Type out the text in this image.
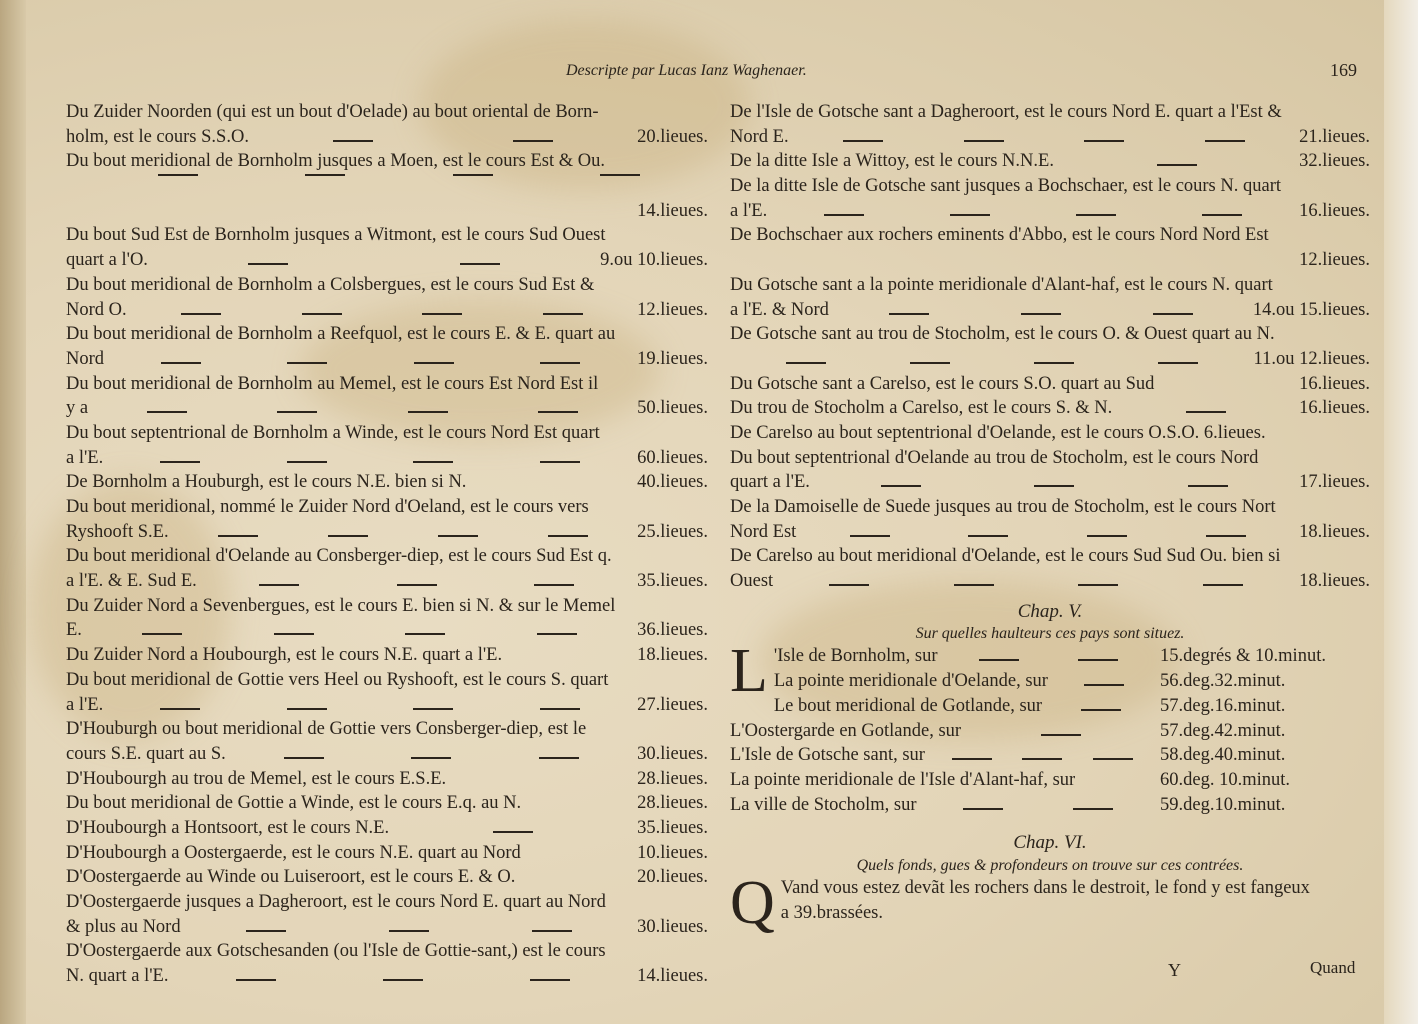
Descripte par Lucas Ianz Waghenaer.	169
Du Zuider Noorden (qui est un bout d'Oelade) au bout oriental de Born-
holm, est le cours S.S.O.	20.lieues.
Du bout meridional de Bornholm jusques a Moen, est le cours Est & Ou.
14.lieues.
Du bout Sud Est de Bornholm jusques a Witmont, est le cours Sud Ouest
quart a l'O.	9.ou 10.lieues.
Du bout meridional de Bornholm a Colsbergues, est le cours Sud Est &
Nord O.	12.lieues.
Du bout meridional de Bornholm a Reefquol, est le cours E. & E. quart au
Nord	19.lieues.
Du bout meridional de Bornholm au Memel, est le cours Est Nord Est il
y a	50.lieues.
Du bout septentrional de Bornholm a Winde, est le cours Nord Est quart
a l'E.	60.lieues.
De Bornholm a Houburgh, est le cours N.E. bien si N.	40.lieues.
Du bout meridional, nommé le Zuider Nord d'Oeland, est le cours vers
Ryshooft S.E.	25.lieues.
Du bout meridional d'Oelande au Consberger-diep, est le cours Sud Est q.
a l'E. & E. Sud E.	35.lieues.
Du Zuider Nord a Sevenbergues, est le cours E. bien si N. & sur le Memel
E.	36.lieues.
Du Zuider Nord a Houbourgh, est le cours N.E. quart a l'E.	18.lieues.
Du bout meridional de Gottie vers Heel ou Ryshooft, est le cours S. quart
a l'E.	27.lieues.
D'Houburgh ou bout meridional de Gottie vers Consberger-diep, est le
cours S.E. quart au S.	30.lieues.
D'Houbourgh au trou de Memel, est le cours E.S.E.	28.lieues.
Du bout meridional de Gottie a Winde, est le cours E.q. au N.	28.lieues.
D'Houbourgh a Hontsoort, est le cours N.E.	35.lieues.
D'Houbourgh a Oostergaerde, est le cours N.E. quart au Nord	10.lieues.
D'Oostergaerde au Winde ou Luiseroort, est le cours E. & O.	20.lieues.
D'Oostergaerde jusques a Dagheroort, est le cours Nord E. quart au Nord
& plus au Nord	30.lieues.
D'Oostergaerde aux Gotschesanden (ou l'Isle de Gottie-sant,) est le cours
N. quart a l'E.	14.lieues.
De l'Isle de Gotsche sant a Dagheroort, est le cours Nord E. quart a l'Est &
Nord E.	21.lieues.
De la ditte Isle a Wittoy, est le cours N.N.E.	32.lieues.
De la ditte Isle de Gotsche sant jusques a Bochschaer, est le cours N. quart
a l'E.	16.lieues.
De Bochschaer aux rochers eminents d'Abbo, est le cours Nord Nord Est
12.lieues.
Du Gotsche sant a la pointe meridionale d'Alant-haf, est le cours N. quart
a l'E. & Nord	14.ou 15.lieues.
De Gotsche sant au trou de Stocholm, est le cours O. & Ouest quart au N.
11.ou 12.lieues.
Du Gotsche sant a Carelso, est le cours S.O. quart au Sud	16.lieues.
Du trou de Stocholm a Carelso, est le cours S. & N.	16.lieues.
De Carelso au bout septentrional d'Oelande, est le cours O.S.O. 6.lieues.
Du bout septentrional d'Oelande au trou de Stocholm, est le cours Nord
quart a l'E.	17.lieues.
De la Damoiselle de Suede jusques au trou de Stocholm, est le cours Nort
Nord Est	18.lieues.
De Carelso au bout meridional d'Oelande, est le cours Sud Sud Ou. bien si
Ouest	18.lieues.
Chap. V.
Sur quelles haulteurs ces pays sont situez.
L 'Isle de Bornholm, sur	15.degrés & 10.minut.
La pointe meridionale d'Oelande, sur	56.deg.32.minut.
Le bout meridional de Gotlande, sur	57.deg.16.minut.
L'Oostergarde en Gotlande, sur	57.deg.42.minut.
L'Isle de Gotsche sant, sur	58.deg.40.minut.
La pointe meridionale de l'Isle d'Alant-haf, sur	60.deg. 10.minut.
La ville de Stocholm, sur	59.deg.10.minut.
Chap. VI.
Quels fonds, gues & profondeurs on trouve sur ces contrées.
Q Vand vous estez devãt les rochers dans le destroit, le fond y est fangeux
a 39.brassées.
Y	Quand
